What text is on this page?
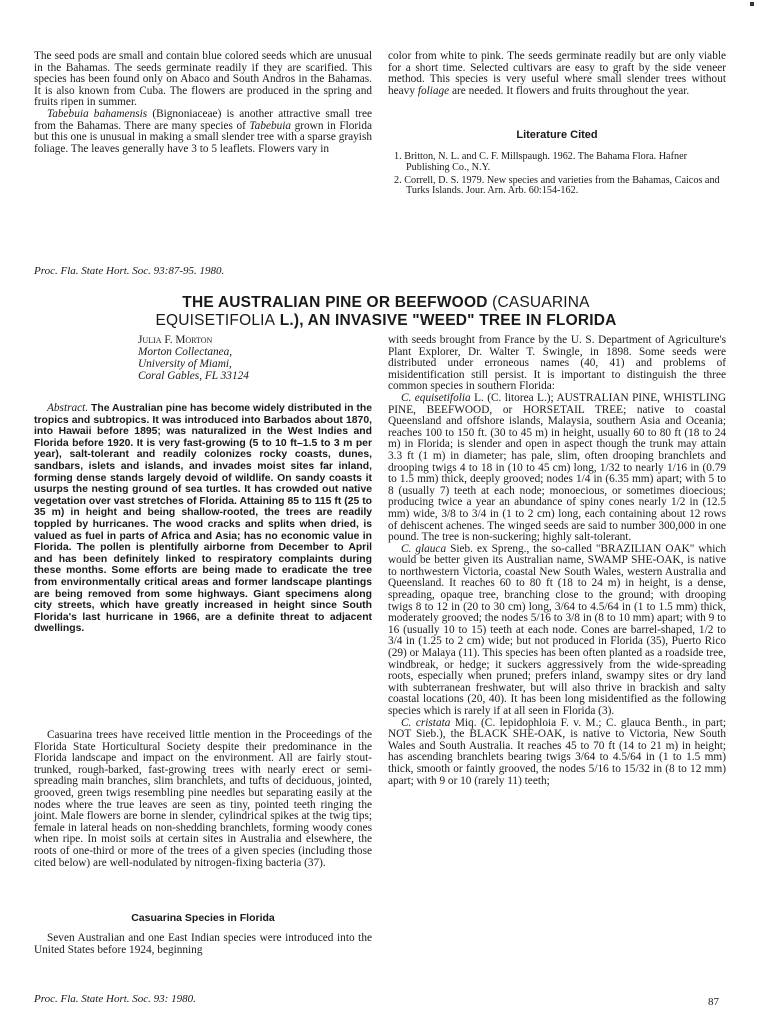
The seed pods are small and contain blue colored seeds which are unusual in the Bahamas. The seeds germinate readily if they are scarified. This species has been found only on Abaco and South Andros in the Bahamas. It is also known from Cuba. The flowers are produced in the spring and fruits ripen in summer.

Tabebuia bahamensis (Bignoniaceae) is another attractive small tree from the Bahamas. There are many species of Tabebuia grown in Florida but this one is unusual in making a small slender tree with a sparse grayish foliage. The leaves generally have 3 to 5 leaflets. Flowers vary in

color from white to pink. The seeds germinate readily but are only viable for a short time. Selected cultivars are easy to graft by the side veneer method. This species is very useful where small slender trees without heavy foliage are needed. It flowers and fruits throughout the year.

Literature Cited

1. Britton, N. L. and C. F. Millspaugh. 1962. The Bahama Flora. Hafner Publishing Co., N.Y.

2. Correll, D. S. 1979. New species and varieties from the Bahamas, Caicos and Turks Islands. Jour. Arn. Arb. 60:154-162.

Proc. Fla. State Hort. Soc. 93:87-95. 1980.
THE AUSTRALIAN PINE OR BEEFWOOD (CASUARINA
EQUISETIFOLIA L.), AN INVASIVE "WEED" TREE IN FLORIDA
Julia F. Morton
Morton Collectanea,
University of Miami,
Coral Gables, FL 33124

Abstract. The Australian pine has become widely distributed in the tropics and subtropics. It was introduced into Barbados about 1870, into Hawaii before 1895; was naturalized in the West Indies and Florida before 1920. It is very fast-growing (5 to 10 ft–1.5 to 3 m per year), salt-tolerant and readily colonizes rocky coasts, dunes, sandbars, islets and islands, and invades moist sites far inland, forming dense stands largely devoid of wildlife. On sandy coasts it usurps the nesting ground of sea turtles. It has crowded out native vegetation over vast stretches of Florida. Attaining 85 to 115 ft (25 to 35 m) in height and being shallow-rooted, the trees are readily toppled by hurricanes. The wood cracks and splits when dried, is valued as fuel in parts of Africa and Asia; has no economic value in Florida. The pollen is plentifully airborne from December to April and has been definitely linked to respiratory complaints during these months. Some efforts are being made to eradicate the tree from environmentally critical areas and former landscape plantings are being removed from some highways. Giant specimens along city streets, which have greatly increased in height since South Florida's last hurricane in 1966, are a definite threat to adjacent dwellings.

Casuarina trees have received little mention in the Proceedings of the Florida State Horticultural Society despite their predominance in the Florida landscape and impact on the environment. All are fairly stout-trunked, rough-barked, fast-growing trees with nearly erect or semi-spreading main branches, slim branchlets, and tufts of deciduous, jointed, grooved, green twigs resembling pine needles but separating easily at the nodes where the true leaves are seen as tiny, pointed teeth ringing the joint. Male flowers are borne in slender, cylindrical spikes at the twig tips; female in lateral heads on non-shedding branchlets, forming woody cones when ripe. In moist soils at certain sites in Australia and elsewhere, the roots of one-third or more of the trees of a given species (including those cited below) are well-nodulated by nitrogen-fixing bacteria (37).

Casuarina Species in Florida

Seven Australian and one East Indian species were introduced into the United States before 1924, beginning

with seeds brought from France by the U. S. Department of Agriculture's Plant Explorer, Dr. Walter T. Swingle, in 1898. Some seeds were distributed under erroneous names (40, 41) and problems of misidentification still persist. It is important to distinguish the three common species in southern Florida:

C. equisetifolia L. (C. litorea L.); AUSTRALIAN PINE, WHISTLING PINE, BEEFWOOD, or HORSETAIL TREE; native to coastal Queensland and offshore islands, Malaysia, southern Asia and Oceania; reaches 100 to 150 ft. (30 to 45 m) in height, usually 60 to 80 ft (18 to 24 m) in Florida; is slender and open in aspect though the trunk may attain 3.3 ft (1 m) in diameter; has pale, slim, often drooping branchlets and drooping twigs 4 to 18 in (10 to 45 cm) long, 1/32 to nearly 1/16 in (0.79 to 1.5 mm) thick, deeply grooved; nodes 1/4 in (6.35 mm) apart; with 5 to 8 (usually 7) teeth at each node; monoecious, or sometimes dioecious; producing twice a year an abundance of spiny cones nearly 1/2 in (12.5 mm) wide, 3/8 to 3/4 in (1 to 2 cm) long, each containing about 12 rows of dehiscent achenes. The winged seeds are said to number 300,000 in one pound. The tree is non-suckering; highly salt-tolerant.

C. glauca Sieb. ex Spreng., the so-called "BRAZILIAN OAK" which would be better given its Australian name, SWAMP SHE-OAK, is native to northwestern Victoria, coastal New South Wales, western Australia and Queensland. It reaches 60 to 80 ft (18 to 24 m) in height, is a dense, spreading, opaque tree, branching close to the ground; with drooping twigs 8 to 12 in (20 to 30 cm) long, 3/64 to 4.5/64 in (1 to 1.5 mm) thick, moderately grooved; the nodes 5/16 to 3/8 in (8 to 10 mm) apart; with 9 to 16 (usually 10 to 15) teeth at each node. Cones are barrel-shaped, 1/2 to 3/4 in (1.25 to 2 cm) wide; but not produced in Florida (35), Puerto Rico (29) or Malaya (11). This species has been often planted as a roadside tree, windbreak, or hedge; it suckers aggressively from the wide-spreading roots, especially when pruned; prefers inland, swampy sites or dry land with subterranean freshwater, but will also thrive in brackish and salty coastal locations (20, 40). It has been long misidentified as the following species which is rarely if at all seen in Florida (3).

C. cristata Miq. (C. lepidophloia F. v. M.; C. glauca Benth., in part; NOT Sieb.), the BLACK SHE-OAK, is native to Victoria, New South Wales and South Australia. It reaches 45 to 70 ft (14 to 21 m) in height; has ascending branchlets bearing twigs 3/64 to 4.5/64 in (1 to 1.5 mm) thick, smooth or faintly grooved, the nodes 5/16 to 15/32 in (8 to 12 mm) apart; with 9 or 10 (rarely 11) teeth;

Proc. Fla. State Hort. Soc. 93: 1980.	87
